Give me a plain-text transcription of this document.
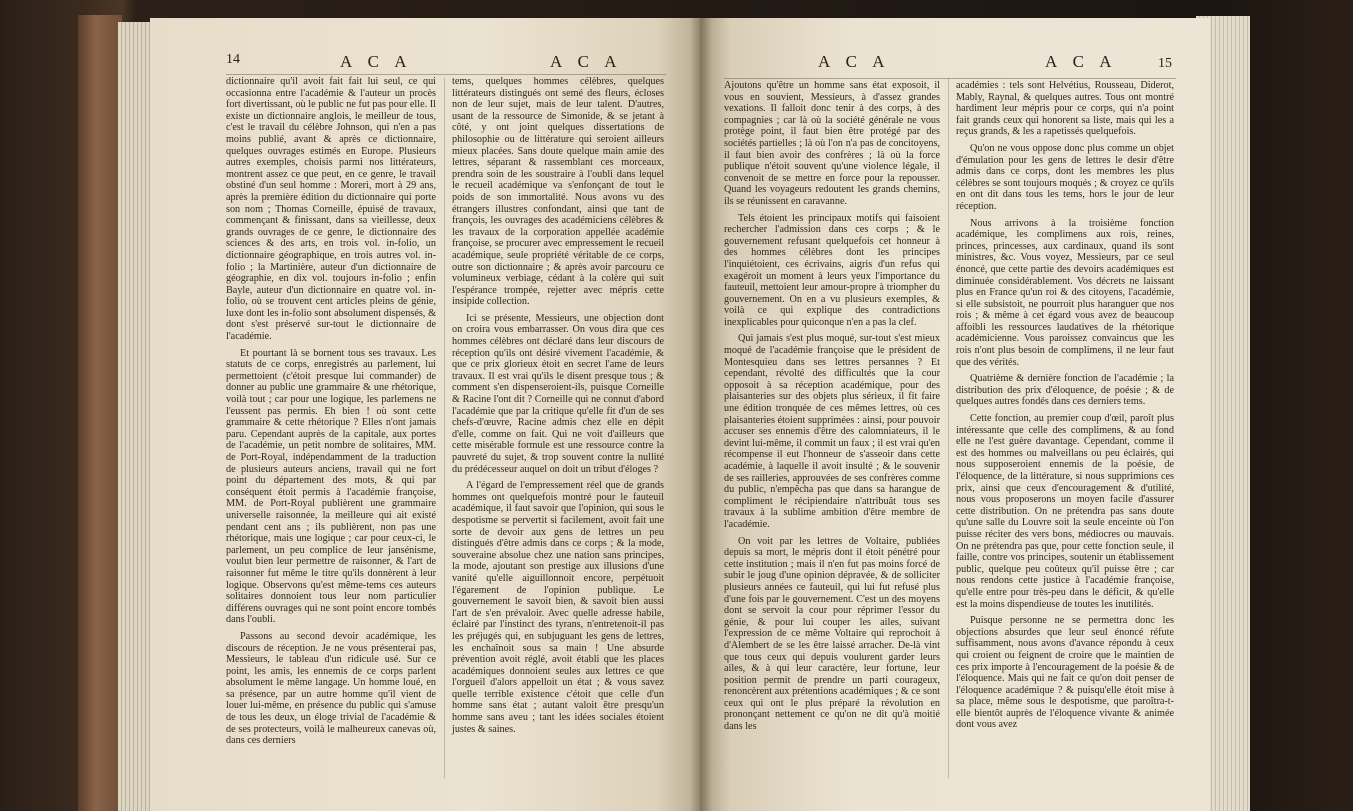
14	A C A	A C A

dictionnaire qu'il avoit fait fait lui seul, ce qui occasionna entre l'académie & l'auteur un procès fort divertissant, où le public ne fut pas pour elle. Il existe un dictionnaire anglois, le meilleur de tous, c'est le travail du célèbre Johnson, qui n'en a pas moins publié, avant & après ce dictionnaire, quelques ouvrages estimés en Europe. Plusieurs autres exemples, choisis parmi nos littérateurs, montrent assez ce que peut, en ce genre, le travail obstiné d'un seul homme : Moreri, mort à 29 ans, après la première édition du dictionnaire qui porte son nom ; Thomas Corneille, épuisé de travaux, commençant & finissant, dans sa vieillesse, deux grands ouvrages de ce genre, le dictionnaire des sciences & des arts, en trois vol. in-folio, un dictionnaire géographique, en trois autres vol. in-folio ; la Martinière, auteur d'un dictionnaire de géographie, en dix vol. toujours in-folio ; enfin Bayle, auteur d'un dictionnaire en quatre vol. in-folio, où se trouvent cent articles pleins de génie, luxe dont les in-folio sont absolument dispensés, & dont s'est préservé sur-tout le dictionnaire de l'académie.

Et pourtant là se bornent tous ses travaux. Les statuts de ce corps, enregistrés au parlement, lui permettoient (c'étoit presque lui commander) de donner au public une grammaire & une rhétorique, voilà tout ; car pour une logique, les parlemens ne l'eussent pas permis. Eh bien ! où sont cette grammaire & cette rhétorique ? Elles n'ont jamais paru. Cependant auprès de la capitale, aux portes de l'académie, un petit nombre de solitaires, MM. de Port-Royal, indépendamment de la traduction de plusieurs auteurs anciens, travail qui ne fort point du département des mots, & qui par conséquent étoit permis à l'académie françoise, MM. de Port-Royal publièrent une grammaire universelle raisonnée, la meilleure qui ait existé pendant cent ans ; ils publièrent, non pas une rhétorique, mais une logique ; car pour ceux-ci, le parlement, un peu complice de leur jansénisme, voulut bien leur permettre de raisonner, & l'art de raisonner fut même le titre qu'ils donnèrent à leur logique. Observons qu'est même-tems ces auteurs solitaires donnoient tous leur nom particulier différens ouvrages qui ne sont point encore tombés dans l'oubli.

Passons au second devoir académique, les discours de réception. Je ne vous présenterai pas, Messieurs, le tableau d'un ridicule usé. Sur ce point, les amis, les ennemis de ce corps parlent absolument le même langage. Un homme loué, en sa présence, par un autre homme qu'il vient de louer lui-même, en présence du public qui s'amuse de tous les deux, un éloge trivial de l'académie & de ses protecteurs, voilà le malheureux canevas où, dans ces derniers

tems, quelques hommes célèbres, quelques littérateurs distingués ont semé des fleurs, écloses non de leur sujet, mais de leur talent. D'autres, usant de la ressource de Simonide, & se jetant à côté, y ont joint quelques dissertations de philosophie ou de littérature qui seroient ailleurs mieux placées. Sans doute quelque main amie des lettres, séparant & rassemblant ces morceaux, prendra soin de les soustraire à l'oubli dans lequel le recueil académique va s'enfonçant de tout le poids de son immortalité. Nous avons vu des étrangers illustres confondant, ainsi que tant de françois, les ouvrages des académiciens célèbres & les travaux de la corporation appellée académie françoise, se procurer avec empressement le recueil académique, seule propriété véritable de ce corps, outre son dictionnaire ; & après avoir parcouru ce volumineux verbiage, cédant à la colère qui suit l'espérance trompée, rejetter avec mépris cette insipide collection.

Ici se présente, Messieurs, une objection dont on croira vous embarrasser. On vous dira que ces hommes célèbres ont déclaré dans leur discours de réception qu'ils ont désiré vivement l'académie, & que ce prix glorieux étoit en secret l'ame de leurs travaux. Il est vrai qu'ils le disent presque tous ; & comment s'en dispenseroient-ils, puisque Corneille & Racine l'ont dit ? Corneille qui ne connut d'abord l'académie que par la critique qu'elle fit d'un de ses chefs-d'œuvre, Racine admis chez elle en dépit d'elle, comme on fait. Qui ne voit d'ailleurs que cette misérable formule est une ressource contre la pauvreté du sujet, & trop souvent contre la nullité du prédécesseur auquel on doit un tribut d'éloges ?

A l'égard de l'empressement réel que de grands hommes ont quelquefois montré pour le fauteuil académique, il faut savoir que l'opinion, qui sous le despotisme se pervertit si facilement, avoit fait une sorte de devoir aux gens de lettres un peu distingués d'être admis dans ce corps ; & la mode, souveraine absolue chez une nation sans principes, la mode, ajoutant son prestige aux illusions d'une vanité qu'elle aiguillonnoit encore, perpétuoit l'égarement de l'opinion publique. Le gouvernement le savoit bien, & savoit bien aussi l'art de s'en prévaloir. Avec quelle adresse habile, éclairé par l'instinct des tyrans, n'entretenoit-il pas les préjugés qui, en subjuguant les gens de lettres, les enchaînoit sous sa main ! Une absurde prévention avoit réglé, avoit établi que les places académiques donnoient seules aux lettres ce que l'orgueil d'alors appelloit un état ; & vous savez quelle terrible existence c'étoit que celle d'un homme sans état ; autant valoit être presqu'un homme sans aveu ; tant les idées sociales étoient justes & saines.

A C A	A C A	15

Ajoutons qu'être un homme sans état exposoit, il vous en souvient, Messieurs, à d'assez grandes vexations. Il falloit donc tenir à des corps, à des compagnies ; car là où la société générale ne vous protège point, il faut bien être protégé par des sociétés partielles ; là où l'on n'a pas de concitoyens, il faut bien avoir des confrères ; là où la force publique n'étoit souvent qu'une violence légale, il convenoit de se mettre en force pour la repousser. Quand les voyageurs redoutent les grands chemins, ils se réunissent en caravanne.

Tels étoient les principaux motifs qui faisoient rechercher l'admission dans ces corps ; & le gouvernement refusant quelquefois cet honneur à des hommes célèbres dont les principes l'inquiétoient, ces écrivains, aigris d'un refus qui exagéroit un moment à leurs yeux l'importance du fauteuil, mettoient leur amour-propre à triompher du gouvernement. On en a vu plusieurs exemples, & voilà ce qui explique des contradictions inexplicables pour quiconque n'en a pas la clef.

Qui jamais s'est plus moqué, sur-tout s'est mieux moqué de l'académie françoise que le président de Montesquieu dans ses lettres persannes ? Et cependant, révolté des difficultés que la cour opposoit à sa réception académique, pour des plaisanteries sur des objets plus sérieux, il fit faire une édition tronquée de ces mêmes lettres, où ces plaisanteries étoient supprimées : ainsi, pour pouvoir accuser ses ennemis d'être des calomniateurs, il le devint lui-même, il commit un faux ; il est vrai qu'en récompense il eut l'honneur de s'asseoir dans cette académie, à laquelle il avoit insulté ; & le souvenir de ses railleries, approuvées de ses confrères comme du public, n'empêcha pas que dans sa harangue de compliment le récipiendaire n'attribuât tous ses travaux à la sublime ambition d'être membre de l'académie.

On voit par les lettres de Voltaire, publiées depuis sa mort, le mépris dont il étoit pénétré pour cette institution ; mais il n'en fut pas moins forcé de subir le joug d'une opinion dépravée, & de solliciter plusieurs années ce fauteuil, qui lui fut refusé plus d'une fois par le gouvernement. C'est un des moyens dont se servoit la cour pour réprimer l'essor du génie, & pour lui couper les ailes, suivant l'expression de ce même Voltaire qui reprochoit à d'Alembert de se les être laissé arracher. De-là vint que tous ceux qui depuis voulurent garder leurs ailes, & à qui leur caractère, leur fortune, leur position permit de prendre un parti courageux, renoncèrent aux prétentions académiques ; & ce sont ceux qui ont le plus préparé la révolution en prononçant nettement ce qu'on ne dit qu'à moitié dans les

académies : tels sont Helvétius, Rousseau, Diderot, Mably, Raynal, & quelques autres. Tous ont montré hardiment leur mépris pour ce corps, qui n'a point fait grands ceux qui honorent sa liste, mais qui les a reçus grands, & les a rapetissés quelquefois.

Qu'on ne vous oppose donc plus comme un objet d'émulation pour les gens de lettres le desir d'être admis dans ce corps, dont les membres les plus célèbres se sont toujours moqués ; & croyez ce qu'ils en ont dit dans tous les tems, hors le jour de leur réception.

Nous arrivons à la troisième fonction académique, les complimens aux rois, reines, princes, princesses, aux cardinaux, quand ils sont ministres, &c. Vous voyez, Messieurs, par ce seul énoncé, que cette partie des devoirs académiques est diminuée considérablement. Vos décrets ne laissant plus en France qu'un roi & des citoyens, l'académie, si elle subsistoit, ne pourroit plus haranguer que nos rois ; & même à cet égard vous avez de beaucoup affoibli les ressources laudatives de la rhétorique académicienne. Vous paroissez convaincus que les rois n'ont plus besoin de complimens, il ne leur faut que des vérités.

Quatrième & dernière fonction de l'académie ; la distribution des prix d'éloquence, de poésie ; & de quelques autres fondés dans ces derniers tems.

Cette fonction, au premier coup d'œil, paroît plus intéressante que celle des complimens, & au fond elle ne l'est guère davantage. Cependant, comme il est des hommes ou malveillans ou peu éclairés, qui nous supposeroient ennemis de la poésie, de l'éloquence, de la littérature, si nous supprimions ces prix, ainsi que ceux d'encouragement & d'utilité, nous vous proposerons un moyen facile d'assurer cette distribution. On ne prétendra pas sans doute qu'une salle du Louvre soit la seule enceinte où l'on puisse réciter des vers bons, médiocres ou mauvais. On ne prétendra pas que, pour cette fonction seule, il faille, contre vos principes, soutenir un établissement public, quelque peu coûteux qu'il puisse être ; car nous rendons cette justice à l'académie françoise, qu'elle entre pour très-peu dans le déficit, & qu'elle est la moins dispendieuse de toutes les inutilités.

Puisque personne ne se permettra donc les objections absurdes que leur seul énoncé réfute suffisamment, nous avons d'avance répondu à ceux qui croient ou feignent de croire que le maintien de ces prix importe à l'encouragement de la poésie & de l'éloquence. Mais qui ne fait ce qu'on doit penser de l'éloquence académique ? & puisqu'elle étoit mise à sa place, même sous le despotisme, que paroîtra-t-elle bientôt auprès de l'éloquence vivante & animée dont vous avez
